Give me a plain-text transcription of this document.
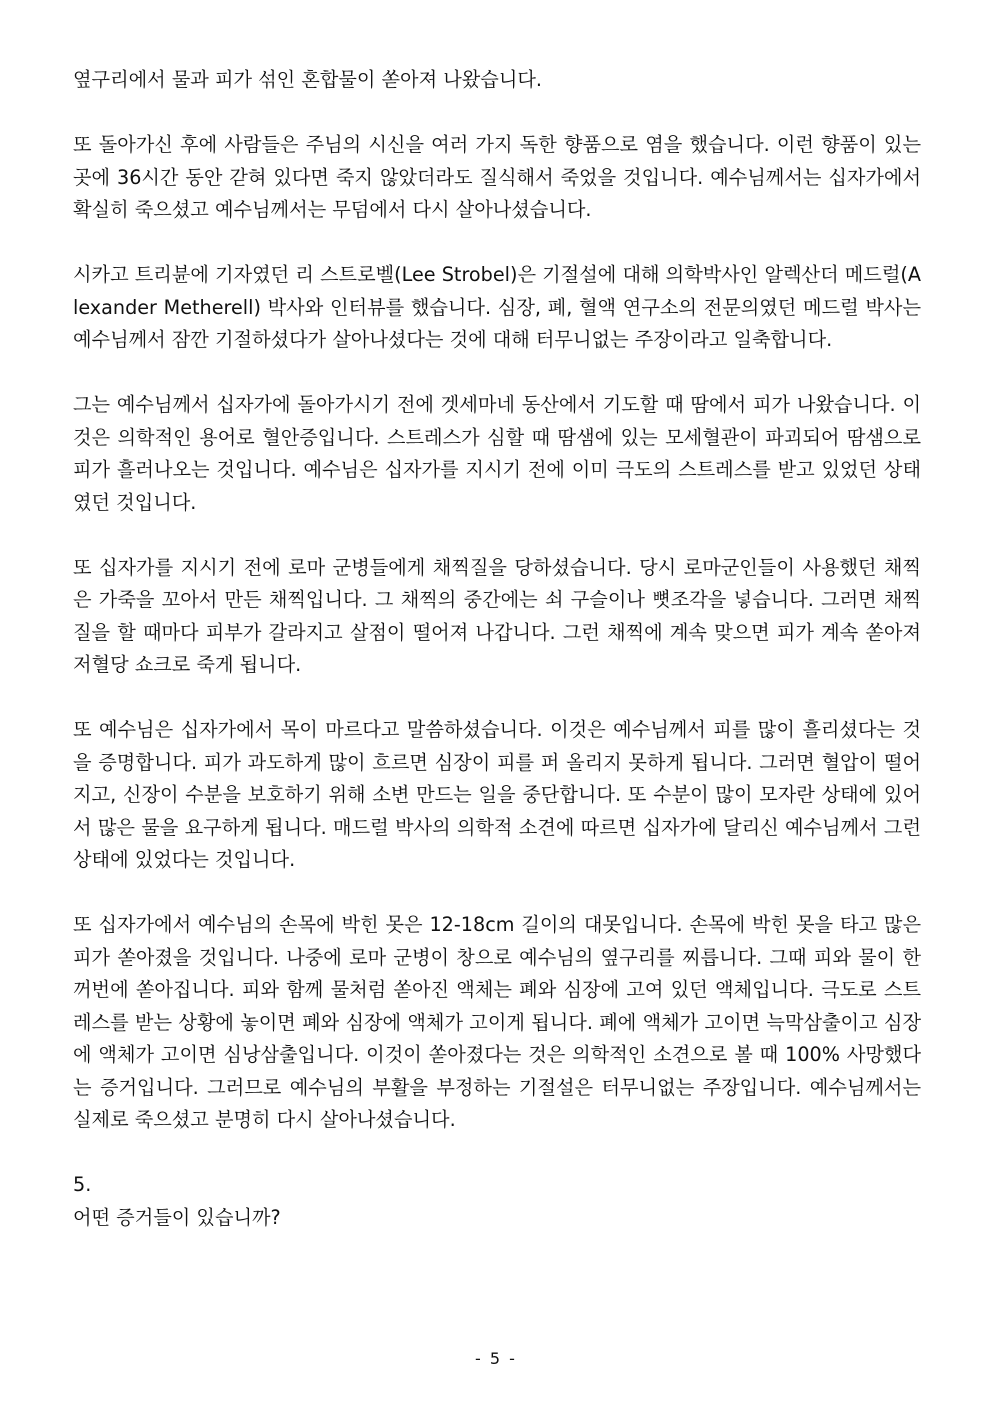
옆구리에서 물과 피가 섞인 혼합물이 쏟아져 나왔습니다.

또 돌아가신 후에 사람들은 주님의 시신을 여러 가지 독한 향품으로 염을 했습니다. 이런 향품이 있는 곳에 36시간 동안 갇혀 있다면 죽지 않았더라도 질식해서 죽었을 것입니다. 예수님께서는 십자가에서 확실히 죽으셨고 예수님께서는 무덤에서 다시 살아나셨습니다.

시카고 트리뷴에 기자였던 리 스트로벨(Lee Strobel)은 기절설에 대해 의학박사인 알렉산더 메드럴(Alexander Metherell) 박사와 인터뷰를 했습니다. 심장, 폐, 혈액 연구소의 전문의였던 메드럴 박사는 예수님께서 잠깐 기절하셨다가 살아나셨다는 것에 대해 터무니없는 주장이라고 일축합니다.

그는 예수님께서 십자가에 돌아가시기 전에 겟세마네 동산에서 기도할 때 땀에서 피가 나왔습니다. 이것은 의학적인 용어로 혈안증입니다. 스트레스가 심할 때 땀샘에 있는 모세혈관이 파괴되어 땀샘으로 피가 흘러나오는 것입니다. 예수님은 십자가를 지시기 전에 이미 극도의 스트레스를 받고 있었던 상태였던 것입니다.

또 십자가를 지시기 전에 로마 군병들에게 채찍질을 당하셨습니다. 당시 로마군인들이 사용했던 채찍은 가죽을 꼬아서 만든 채찍입니다. 그 채찍의 중간에는 쇠 구슬이나 뼛조각을 넣습니다. 그러면 채찍질을 할 때마다 피부가 갈라지고 살점이 떨어져 나갑니다. 그런 채찍에 계속 맞으면 피가 계속 쏟아져 저혈당 쇼크로 죽게 됩니다.

또 예수님은 십자가에서 목이 마르다고 말씀하셨습니다. 이것은 예수님께서 피를 많이 흘리셨다는 것을 증명합니다. 피가 과도하게 많이 흐르면 심장이 피를 퍼 올리지 못하게 됩니다. 그러면 혈압이 떨어지고, 신장이 수분을 보호하기 위해 소변 만드는 일을 중단합니다. 또 수분이 많이 모자란 상태에 있어서 많은 물을 요구하게 됩니다. 매드럴 박사의 의학적 소견에 따르면 십자가에 달리신 예수님께서 그런 상태에 있었다는 것입니다.

또 십자가에서 예수님의 손목에 박힌 못은 12-18cm 길이의 대못입니다. 손목에 박힌 못을 타고 많은 피가 쏟아졌을 것입니다. 나중에 로마 군병이 창으로 예수님의 옆구리를 찌릅니다. 그때 피와 물이 한꺼번에 쏟아집니다. 피와 함께 물처럼 쏟아진 액체는 폐와 심장에 고여 있던 액체입니다. 극도로 스트레스를 받는 상황에 놓이면 폐와 심장에 액체가 고이게 됩니다. 폐에 액체가 고이면 늑막삼출이고 심장에 액체가 고이면 심낭삼출입니다. 이것이 쏟아졌다는 것은 의학적인 소견으로 볼 때 100% 사망했다는 증거입니다. 그러므로 예수님의 부활을 부정하는 기절설은 터무니없는 주장입니다. 예수님께서는 실제로 죽으셨고 분명히 다시 살아나셨습니다.

5.

어떤 증거들이 있습니까?

- 5 -
